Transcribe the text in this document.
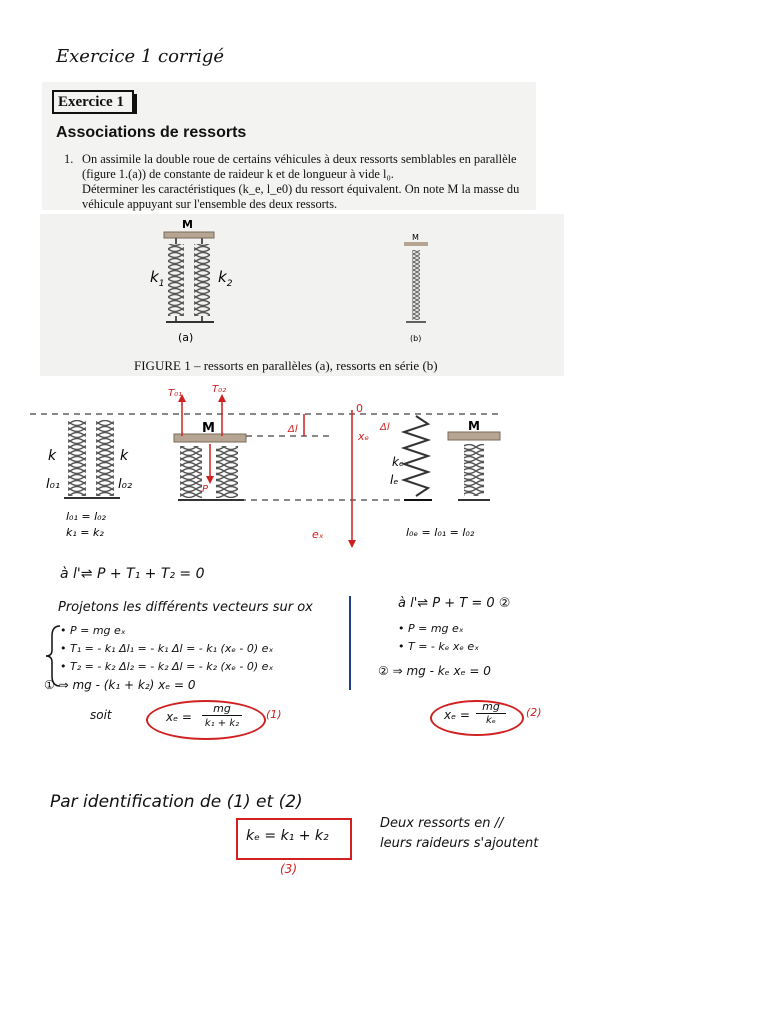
Exercice 1 corrigé
Exercice 1
Associations de ressorts
1. On assimile la double roue de certains véhicules à deux ressorts semblables en parallèle
(figure 1.(a)) de constante de raideur k et de longueur à vide l₀.
Déterminer les caractéristiques (k_e, l_e0) du ressort équivalent. On note M la masse du
véhicule appuyant sur l'ensemble des deux ressorts.
M
$k_1$	$k_2$
(a)
M
(b)
FIGURE 1 – ressorts en parallèles (a), ressorts en série (b)
k	k
l₀₁	l₀₂
l₀₁ = l₀₂
k₁ = k₂
M
T₀₁	T₀₂
P
Δl
0
xₑ
Δl
eₓ
kₑ
lₑ
l₀ₑ = l₀₁ = l₀₂
M
à l'⇌ P + T₁ + T₂ = 0
Projetons les différents vecteurs sur ox
• P = mg eₓ
• T₁ = - k₁ Δl₁ = - k₁ Δl = - k₁ (xₑ - 0) eₓ
• T₂ = - k₂ Δl₂ = - k₂ Δl = - k₂ (xₑ - 0) eₓ
① ⇒ mg - (k₁ + k₂) xₑ = 0
soit	xₑ =
mg
k₁ + k₂
(1)
à l'⇌ P + T = 0 ②
• P = mg eₓ
• T = - kₑ xₑ eₓ
② ⇒ mg - kₑ xₑ = 0
xₑ =
mg
kₑ
(2)
Par identification de (1) et (2)
kₑ = k₁ + k₂
(3)
Deux ressorts en //
leurs raideurs s'ajoutent
